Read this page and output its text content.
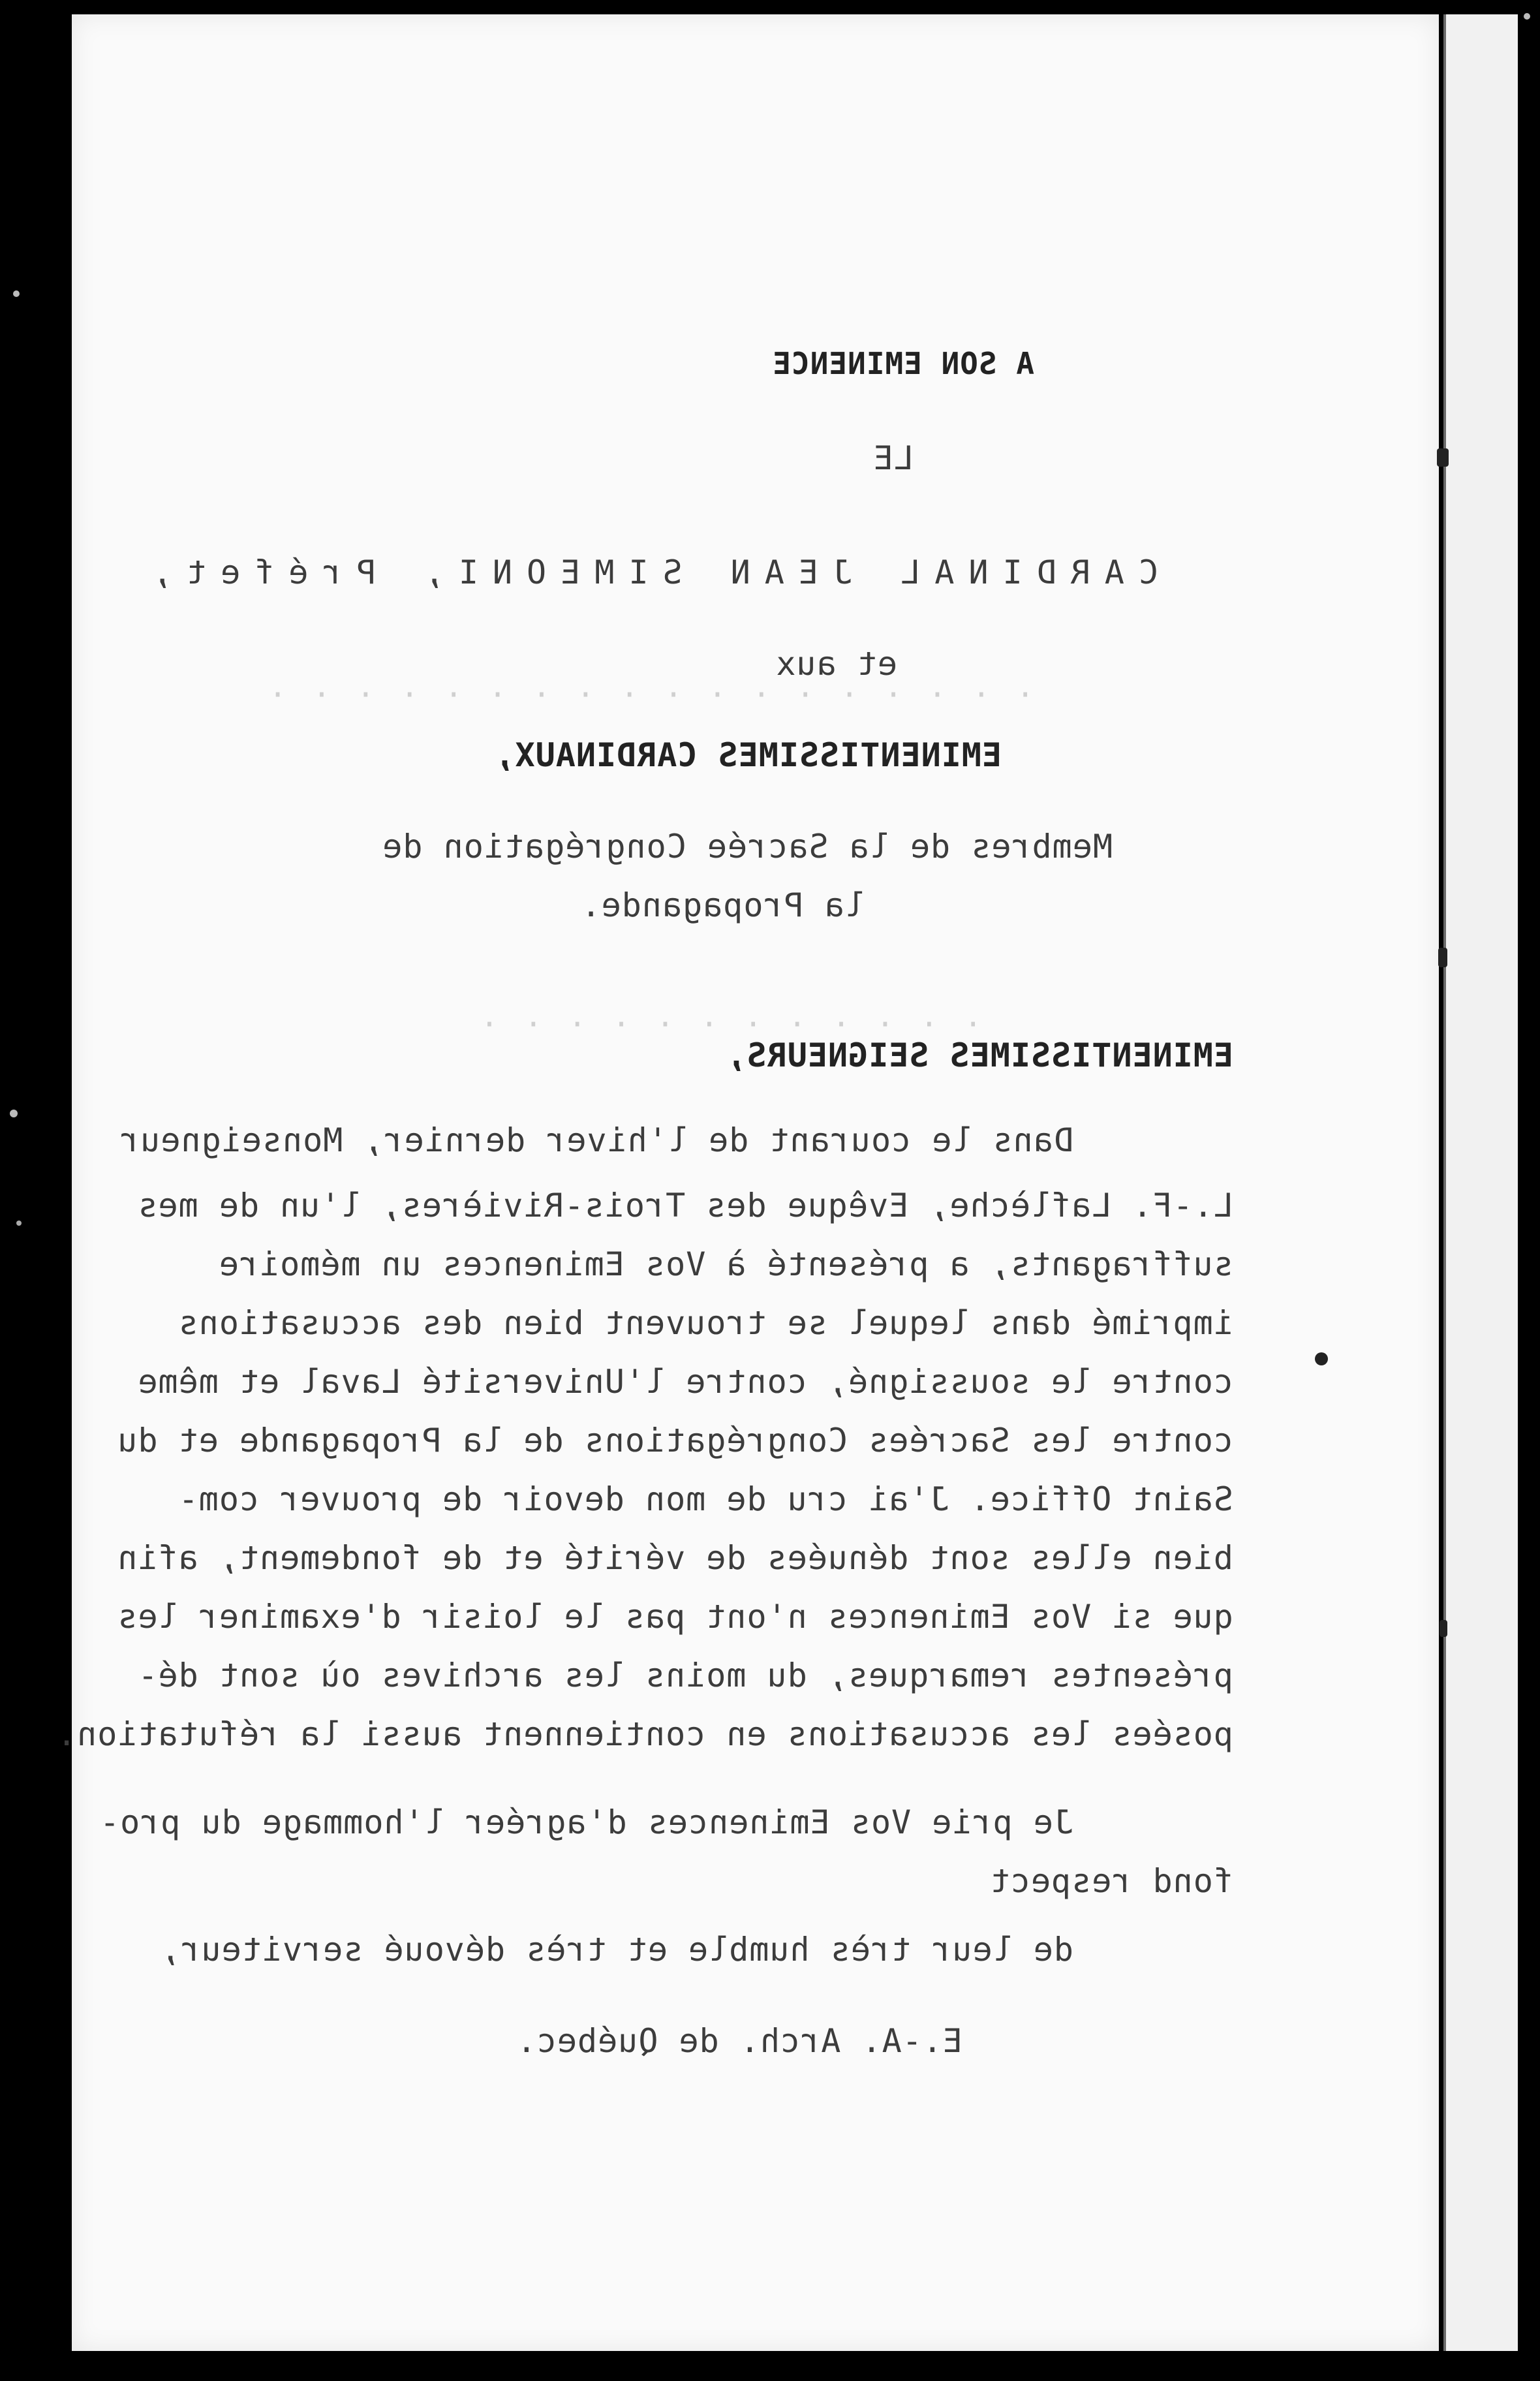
· · · · · · · · · · · · · · · · · ·
· · · · · · · · · · · ·
A SON EMINENCE
LE
CARDINAL JEAN SIMEONI, Préfet,
et aux
EMINENTISSIMES CARDINAUX,
Membres de la Sacrée Congrégation de
la Propagande.
EMINENTISSIMES SEIGNEURS,
Dans le courant de l'hiver dernier, Monseigneur
L.-F. Laflèche, Evêque des Trois-Rivières, l'un de mes
suffragants, a présenté à Vos Eminences un mémoire
imprimé dans lequel se trouvent bien des accusations
contre le soussigné, contre l'Université Laval et même
contre les Sacrées Congrégations de la Propagande et du
Saint Office. J'ai cru de mon devoir de prouver com-
bien elles sont dénuées de vérité et de fondement, afin
que si Vos Eminences n'ont pas le loisir d'examiner les
présentes remarques, du moins les archives où sont dé-
posées les accusations en contiennent aussi la réfutation.
Je prie Vos Eminences d'agréer l'hommage du pro-
fond respect
de leur très humble et très dévoué serviteur,
E.-A. Arch. de Québec.
